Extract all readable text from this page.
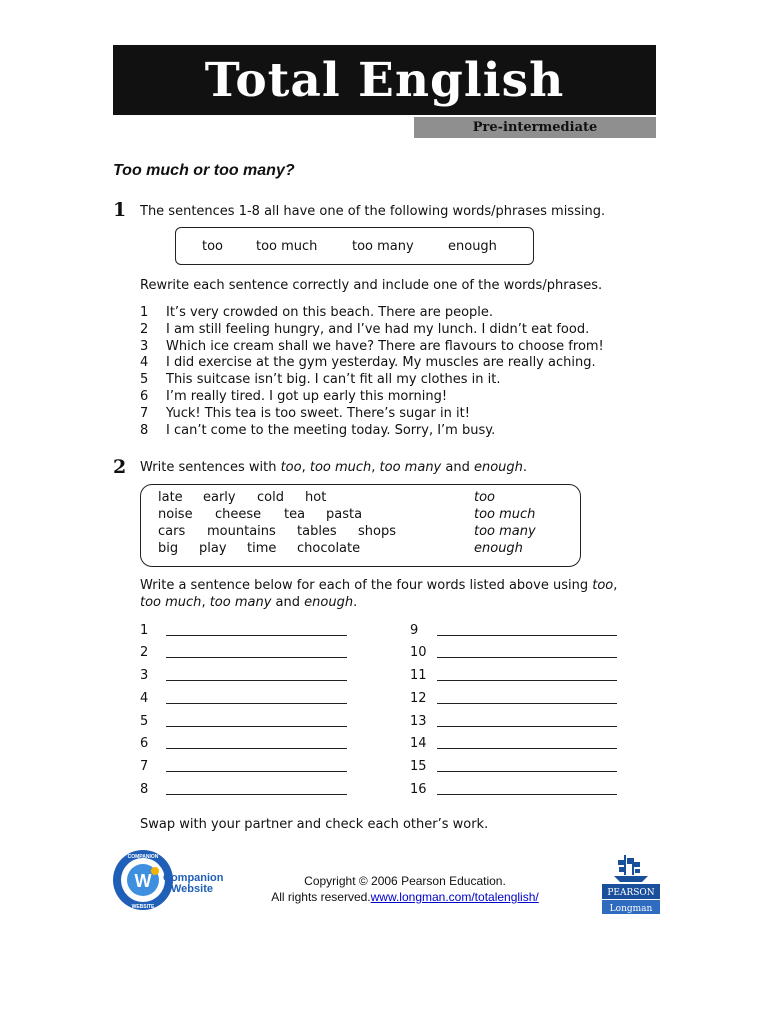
Total English
Pre-intermediate
Too much or too many?
1 The sentences 1-8 all have one of the following words/phrases missing.
too	too much	too many	enough
Rewrite each sentence correctly and include one of the words/phrases.
1 It’s very crowded on this beach. There are people.
2 I am still feeling hungry, and I’ve had my lunch. I didn’t eat food.
3 Which ice cream shall we have? There are flavours to choose from!
4 I did exercise at the gym yesterday. My muscles are really aching.
5 This suitcase isn’t big. I can’t fit all my clothes in it.
6 I’m really tired. I got up early this morning!
7 Yuck! This tea is too sweet. There’s sugar in it!
8 I can’t come to the meeting today. Sorry, I’m busy.
2 Write sentences with too, too much, too many and enough.
late early cold hot	too
noise cheese tea pasta	too much
cars mountains tables shops	too many
big play time chocolate	enough
Write a sentence below for each of the four words listed above using too,
too much, too many and enough.
1
2
3
4
5
6
7
8
9
10
11
12
13
14
15
16
Swap with your partner and check each other’s work.
W
COMPANION
WEBSITE
Companion
Website
Copyright © 2006 Pearson Education.
All rights reserved.www.longman.com/totalenglish/	PEARSON
Longman
